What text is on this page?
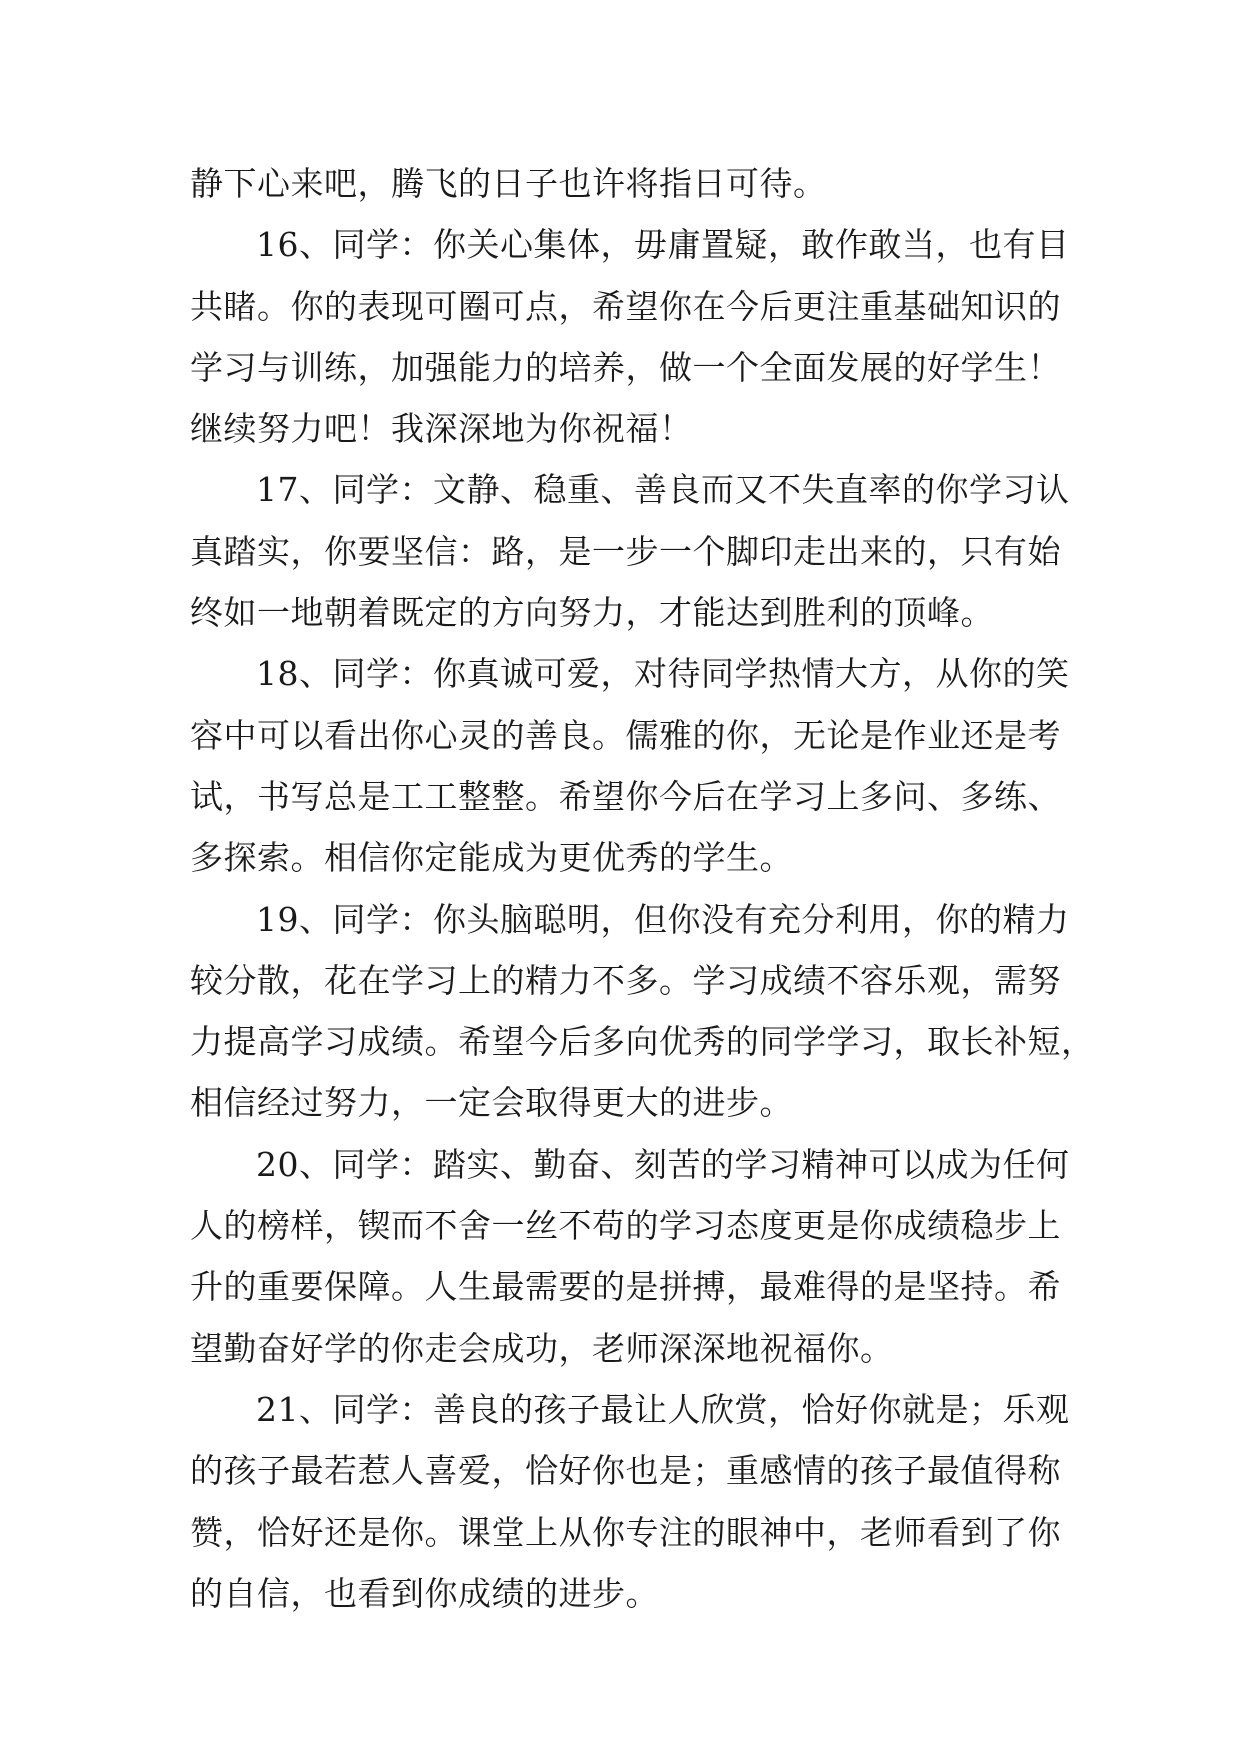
静下心来吧，腾飞的日子也许将指日可待。
16、同学：你关心集体，毋庸置疑，敢作敢当，也有目
共睹。你的表现可圈可点，希望你在今后更注重基础知识的
学习与训练，加强能力的培养，做一个全面发展的好学生！
继续努力吧！我深深地为你祝福！
17、同学：文静、稳重、善良而又不失直率的你学习认
真踏实，你要坚信：路，是一步一个脚印走出来的，只有始
终如一地朝着既定的方向努力，才能达到胜利的顶峰。
18、同学：你真诚可爱，对待同学热情大方，从你的笑
容中可以看出你心灵的善良。儒雅的你，无论是作业还是考
试，书写总是工工整整。希望你今后在学习上多问、多练、
多探索。相信你定能成为更优秀的学生。
19、同学：你头脑聪明，但你没有充分利用，你的精力
较分散，花在学习上的精力不多。学习成绩不容乐观，需努
力提高学习成绩。希望今后多向优秀的同学学习，取长补短，
相信经过努力，一定会取得更大的进步。
20、同学：踏实、勤奋、刻苦的学习精神可以成为任何
人的榜样，锲而不舍一丝不苟的学习态度更是你成绩稳步上
升的重要保障。人生最需要的是拼搏，最难得的是坚持。希
望勤奋好学的你走会成功，老师深深地祝福你。
21、同学：善良的孩子最让人欣赏，恰好你就是；乐观
的孩子最若惹人喜爱，恰好你也是；重感情的孩子最值得称
赞，恰好还是你。课堂上从你专注的眼神中，老师看到了你
的自信，也看到你成绩的进步。
